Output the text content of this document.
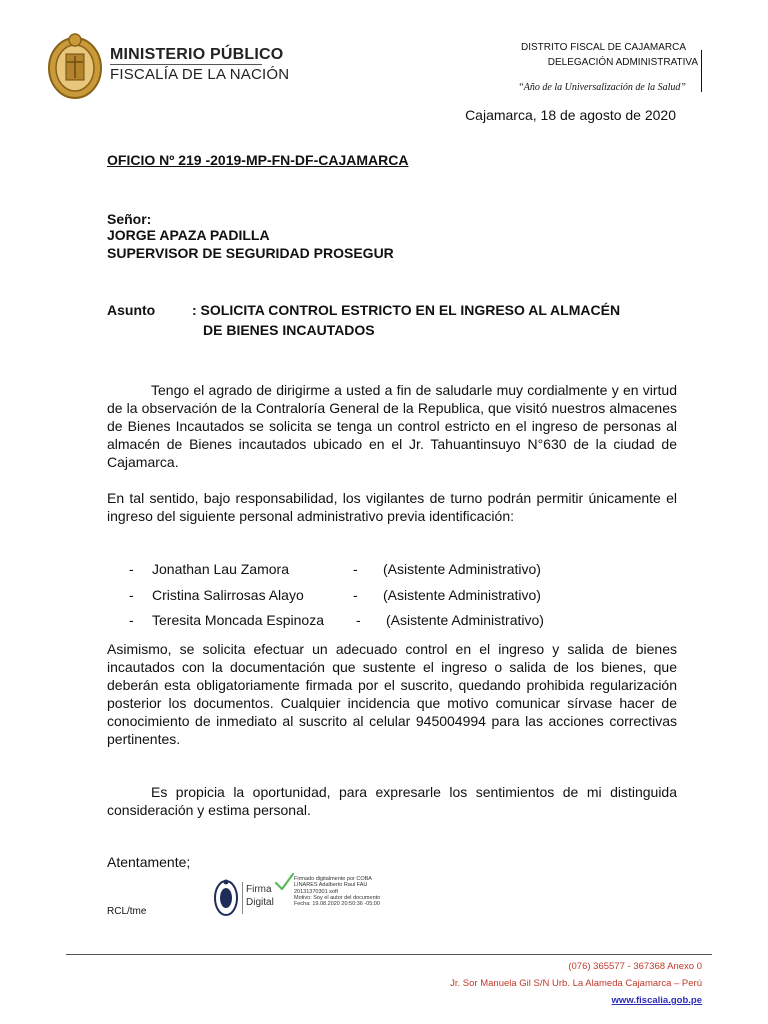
MINISTERIO PÚBLICO
FISCALÍA DE LA NACIÓN
DISTRITO FISCAL DE CAJAMARCA
DELEGACIÓN ADMINISTRATIVA
“Año de la Universalización de la Salud”
Cajamarca, 18 de agosto de 2020
OFICIO Nº 219 -2019-MP-FN-DF-CAJAMARCA
Señor:
JORGE APAZA PADILLA
SUPERVISOR DE SEGURIDAD PROSEGUR
Asunto	: SOLICITA CONTROL ESTRICTO EN EL INGRESO AL ALMACÉN
DE BIENES INCAUTADOS
Tengo el agrado de dirigirme a usted a fin de saludarle muy cordialmente y en virtud de la observación de la Contraloría General de la Republica, que visitó nuestros almacenes de Bienes Incautados se solicita se tenga un control estricto en el ingreso de personas al almacén de Bienes incautados ubicado en el Jr. Tahuantinsuyo N°630 de la ciudad de Cajamarca.
En tal sentido, bajo responsabilidad, los vigilantes de turno podrán permitir únicamente el ingreso del siguiente personal administrativo previa identificación:
- Jonathan Lau Zamora	- (Asistente Administrativo)
- Cristina Salirrosas Alayo	- (Asistente Administrativo)
- Teresita Moncada Espinoza - (Asistente Administrativo)
Asimismo, se solicita efectuar un adecuado control en el ingreso y salida de bienes incautados con la documentación que sustente el ingreso o salida de los bienes, que deberán esta obligatoriamente firmada por el suscrito, quedando prohibida regularización posterior los documentos. Cualquier incidencia que motivo comunicar sírvase hacer de conocimiento de inmediato al suscrito al celular 945004994 para las acciones correctivas pertinentes.
Es propicia la oportunidad, para expresarle los sentimientos de mi distinguida consideración y estima personal.
Atentamente;
Firma
Digital
Firmado digitalmente por COBA
LINARES Adalberto Raul FAU
20131370301 soft
Motivo: Soy el autor del documento
Fecha: 19.08.2020 20:50:36 -05:00
RCL/tme
(076) 365577 - 367368 Anexo 0
Jr. Sor Manuela Gil S/N Urb. La Alameda Cajamarca – Perú
www.fiscalia.gob.pe
